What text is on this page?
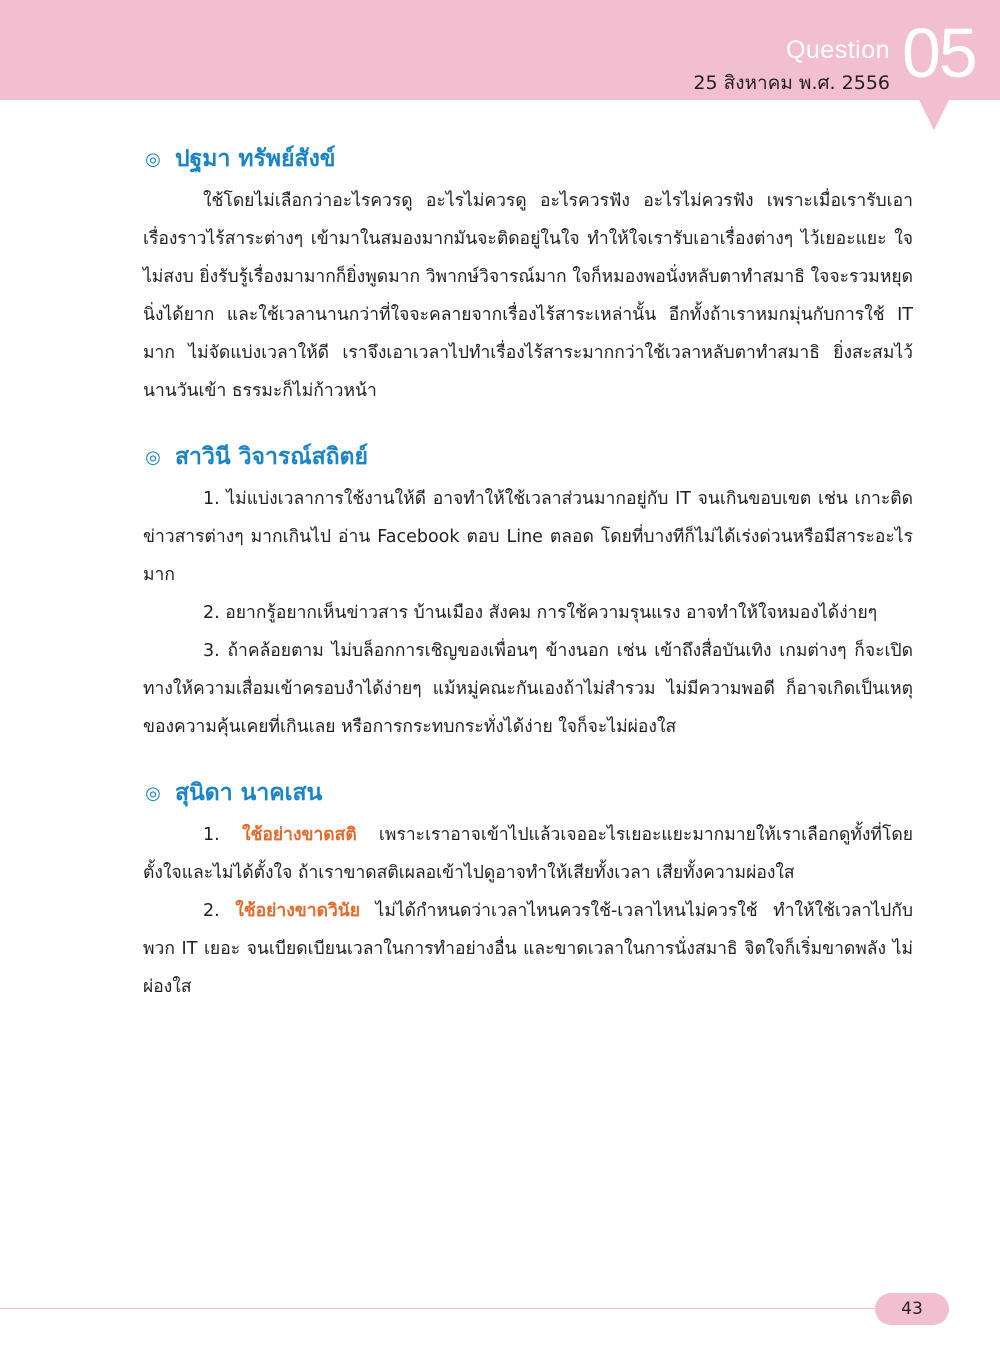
Question
25 สิงหาคม พ.ศ. 2556 05
◎ ปฐมา ทรัพย์สังข์

ใช้โดยไม่เลือกว่าอะไรควรดู อะไรไม่ควรดู อะไรควรฟัง อะไรไม่ควรฟัง เพราะเมื่อเรารับเอาเรื่องราวไร้สาระต่างๆ เข้ามาในสมองมากมันจะติดอยู่ในใจ ทำให้ใจเรารับเอาเรื่องต่างๆ ไว้เยอะแยะ ใจไม่สงบ ยิ่งรับรู้เรื่องมามากก็ยิ่งพูดมาก วิพากษ์วิจารณ์มาก ใจก็หมองพอนั่งหลับตาทำสมาธิ ใจจะรวมหยุดนิ่งได้ยาก และใช้เวลานานกว่าที่ใจจะคลายจากเรื่องไร้สาระเหล่านั้น อีกทั้งถ้าเราหมกมุ่นกับการใช้ IT มาก ไม่จัดแบ่งเวลาให้ดี เราจึงเอาเวลาไปทำเรื่องไร้สาระมากกว่าใช้เวลาหลับตาทำสมาธิ ยิ่งสะสมไว้นานวันเข้า ธรรมะก็ไม่ก้าวหน้า

◎ สาวินี วิจารณ์สถิตย์

1. ไม่แบ่งเวลาการใช้งานให้ดี อาจทำให้ใช้เวลาส่วนมากอยู่กับ IT จนเกินขอบเขต เช่น เกาะติดข่าวสารต่างๆ มากเกินไป อ่าน Facebook ตอบ Line ตลอด โดยที่บางทีก็ไม่ได้เร่งด่วนหรือมีสาระอะไรมาก

2. อยากรู้อยากเห็นข่าวสาร บ้านเมือง สังคม การใช้ความรุนแรง อาจทำให้ใจหมองได้ง่ายๆ

3. ถ้าคล้อยตาม ไม่บล็อกการเชิญของเพื่อนๆ ข้างนอก เช่น เข้าถึงสื่อบันเทิง เกมต่างๆ ก็จะเปิดทางให้ความเสื่อมเข้าครอบงำได้ง่ายๆ แม้หมู่คณะกันเองถ้าไม่สำรวม ไม่มีความพอดี ก็อาจเกิดเป็นเหตุของความคุ้นเคยที่เกินเลย หรือการกระทบกระทั่งได้ง่าย ใจก็จะไม่ผ่องใส

◎ สุนิดา นาคเสน

1. ใช้อย่างขาดสติ เพราะเราอาจเข้าไปแล้วเจออะไรเยอะแยะมากมายให้เราเลือกดูทั้งที่โดยตั้งใจและไม่ได้ตั้งใจ ถ้าเราขาดสติเผลอเข้าไปดูอาจทำให้เสียทั้งเวลา เสียทั้งความผ่องใส

2. ใช้อย่างขาดวินัย ไม่ได้กำหนดว่าเวลาไหนควรใช้-เวลาไหนไม่ควรใช้ ทำให้ใช้เวลาไปกับพวก IT เยอะ จนเบียดเบียนเวลาในการทำอย่างอื่น และขาดเวลาในการนั่งสมาธิ จิตใจก็เริ่มขาดพลัง ไม่ผ่องใส

43
